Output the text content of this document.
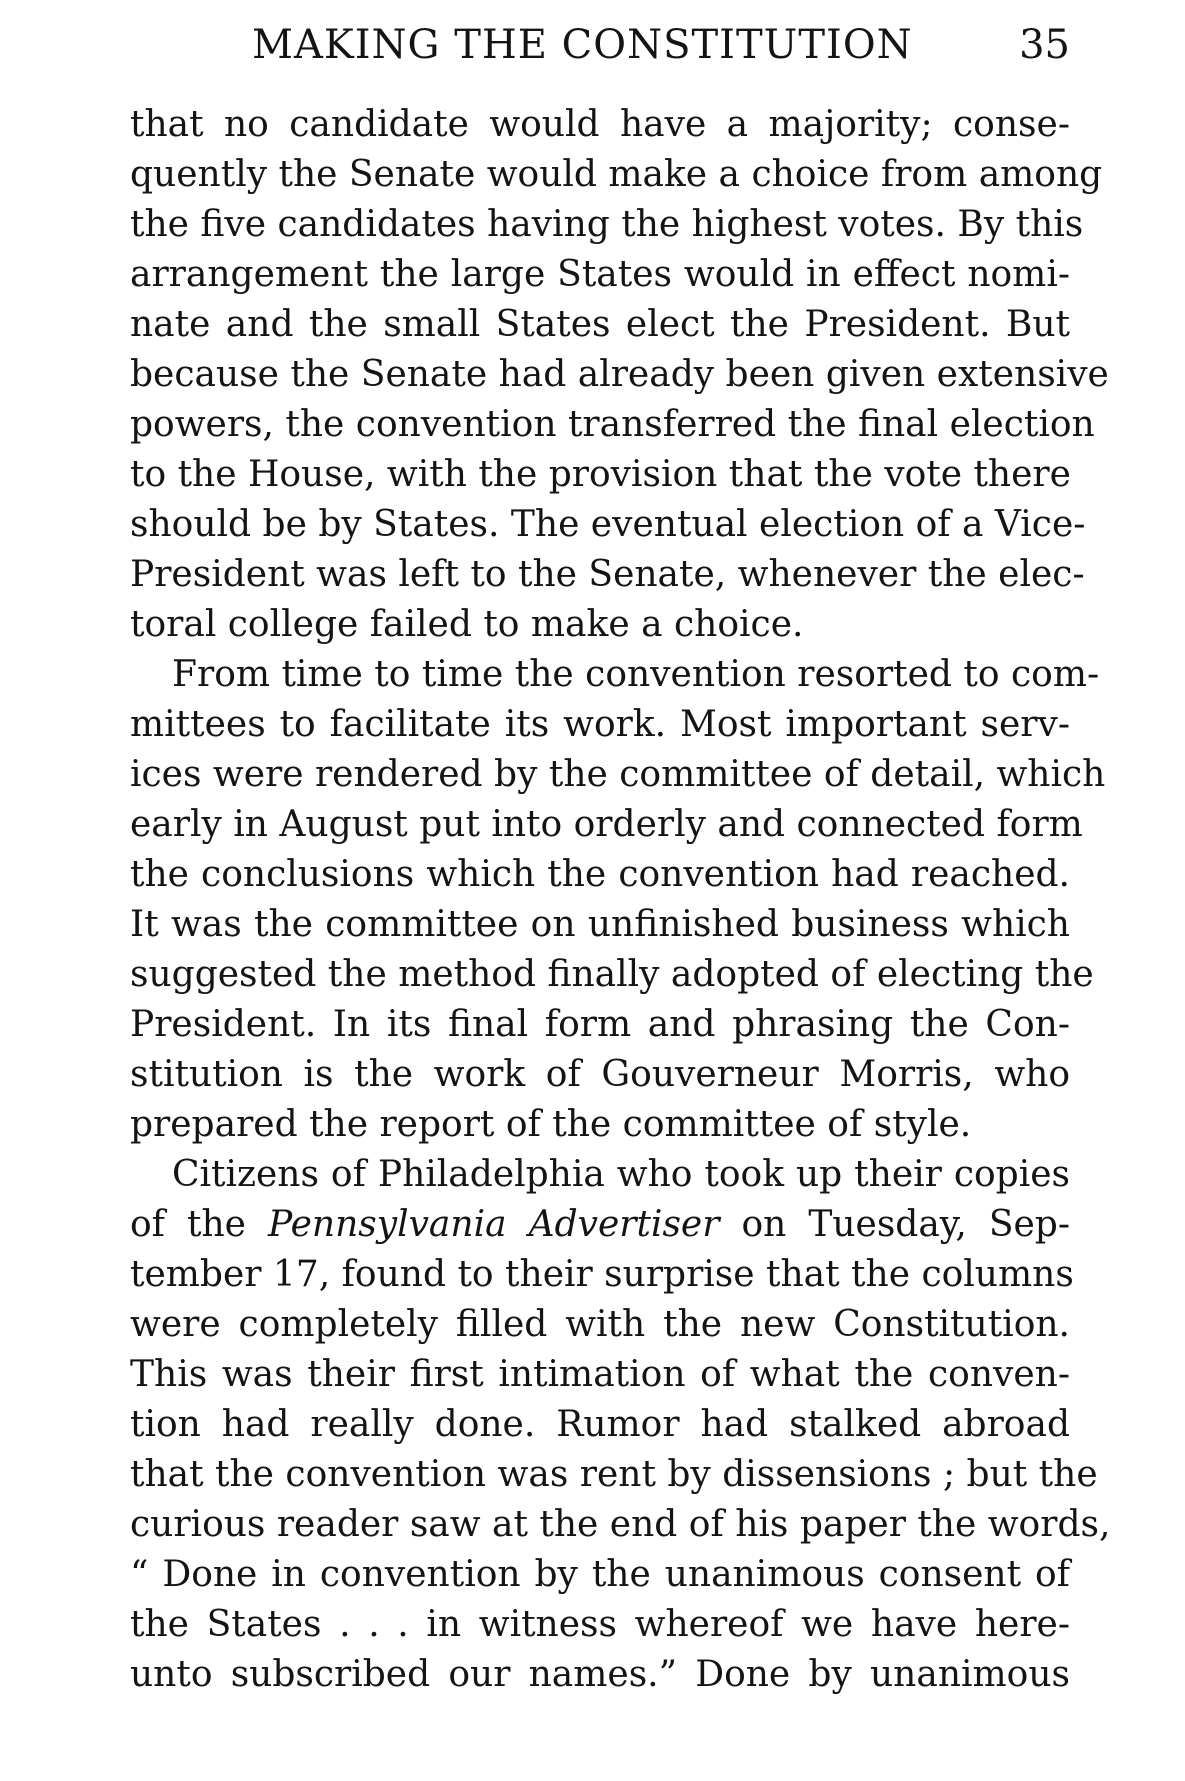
MAKING THE CONSTITUTION	35
that no candidate would have a majority; conse-
quently the Senate would make a choice from among
the five candidates having the highest votes. By this
arrangement the large States would in effect nomi-
nate and the small States elect the President. But
because the Senate had already been given extensive
powers, the convention transferred the final election
to the House, with the provision that the vote there
should be by States. The eventual election of a Vice-
President was left to the Senate, whenever the elec-
toral college failed to make a choice.
From time to time the convention resorted to com-
mittees to facilitate its work. Most important serv-
ices were rendered by the committee of detail, which
early in August put into orderly and connected form
the conclusions which the convention had reached.
It was the committee on unfinished business which
suggested the method finally adopted of electing the
President. In its final form and phrasing the Con-
stitution is the work of Gouverneur Morris, who
prepared the report of the committee of style.
Citizens of Philadelphia who took up their copies
of the Pennsylvania Advertiser on Tuesday, Sep-
tember 17, found to their surprise that the columns
were completely filled with the new Constitution.
This was their first intimation of what the conven-
tion had really done. Rumor had stalked abroad
that the convention was rent by dissensions ; but the
curious reader saw at the end of his paper the words,
“ Done in convention by the unanimous consent of
the States . . . in witness whereof we have here-
unto subscribed our names.” Done by unanimous
